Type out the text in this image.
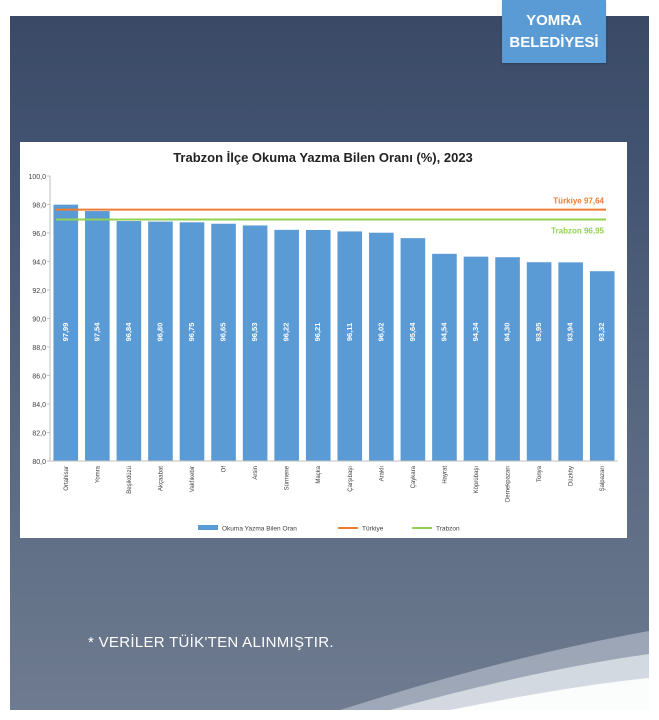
YOMRA
BELEDİYESİ
Trabzon İlçe Okuma Yazma Bilen Oranı (%), 2023
80,0
82,0
84,0
86,0
88,0
90,0
92,0
94,0
96,0
98,0
100,0
97,99	97,54	96,84	96,80	96,75	96,65	96,53	96,22	96,21	96,11	96,02	95,64	94,54	94,34	94,30	93,95	93,94	93,32
Türkiye 97,64
Trabzon 96,95
Ortahisar	Yomra	Beşikdüzü	Akçaabat	Vakfıkebir	Of	Arsin	Sürmene	Maçka	Çarşıbaşı	Araklı	Çaykara	Hayrat	Köprübaşı	Dernekpazarı	Tonya	Düzköy	Şalpazarı
Okuma Yazma Bilen Oran	Türkiye	Trabzon
* VERİLER TÜİK'TEN ALINMIŞTIR.
